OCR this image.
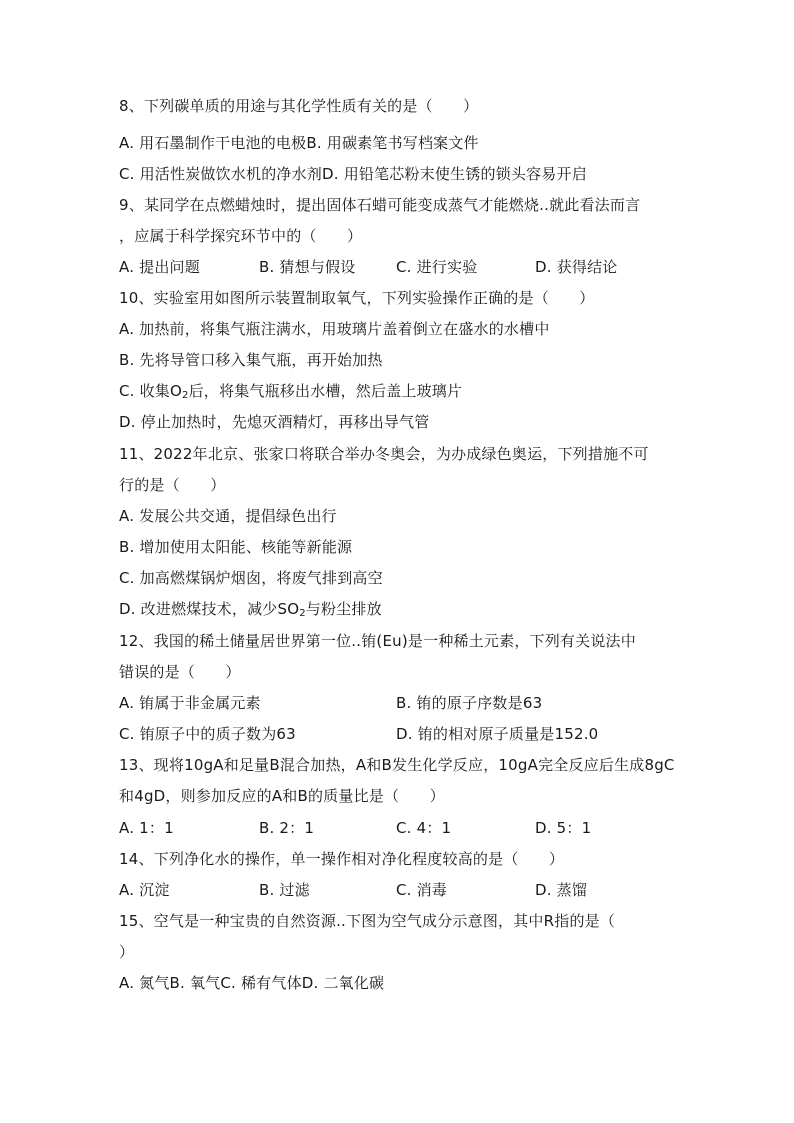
8、下列碳单质的用途与其化学性质有关的是（　　）
A. 用石墨制作干电池的电极B. 用碳素笔书写档案文件
C. 用活性炭做饮水机的净水剂D. 用铅笔芯粉末使生锈的锁头容易开启
9、某同学在点燃蜡烛时，提出固体石蜡可能变成蒸气才能燃烧..就此看法而言
，应属于科学探究环节中的（　　）
A. 提出问题	B. 猜想与假设	C. 进行实验	D. 获得结论
10、实验室用如图所示装置制取氧气，下列实验操作正确的是（　　）
A. 加热前，将集气瓶注满水，用玻璃片盖着倒立在盛水的水槽中
B. 先将导管口移入集气瓶，再开始加热
C. 收集$O_2$后，将集气瓶移出水槽，然后盖上玻璃片
D. 停止加热时，先熄灭酒精灯，再移出导气管
11、2022年北京、张家口将联合举办冬奥会，为办成绿色奥运，下列措施不可
行的是（　　）
A. 发展公共交通，提倡绿色出行
B. 增加使用太阳能、核能等新能源
C. 加高燃煤锅炉烟囱，将废气排到高空
D. 改进燃煤技术，减少$SO_2$与粉尘排放
12、我国的稀土储量居世界第一位..铕(Eu)是一种稀土元素，下列有关说法中
错误的是（　　）
A. 铕属于非金属元素	B. 铕的原子序数是63
C. 铕原子中的质子数为63	D. 铕的相对原子质量是152.0
13、现将10gA和足量B混合加热，A和B发生化学反应，10gA完全反应后生成8gC
和4gD，则参加反应的A和B的质量比是（　　）
A. 1：1	B. 2：1	C. 4：1	D. 5：1
14、下列净化水的操作，单一操作相对净化程度较高的是（　　）
A. 沉淀	B. 过滤	C. 消毒	D. 蒸馏
15、空气是一种宝贵的自然资源..下图为空气成分示意图，其中R指的是（
）
A. 氮气B. 氧气C. 稀有气体D. 二氧化碳
